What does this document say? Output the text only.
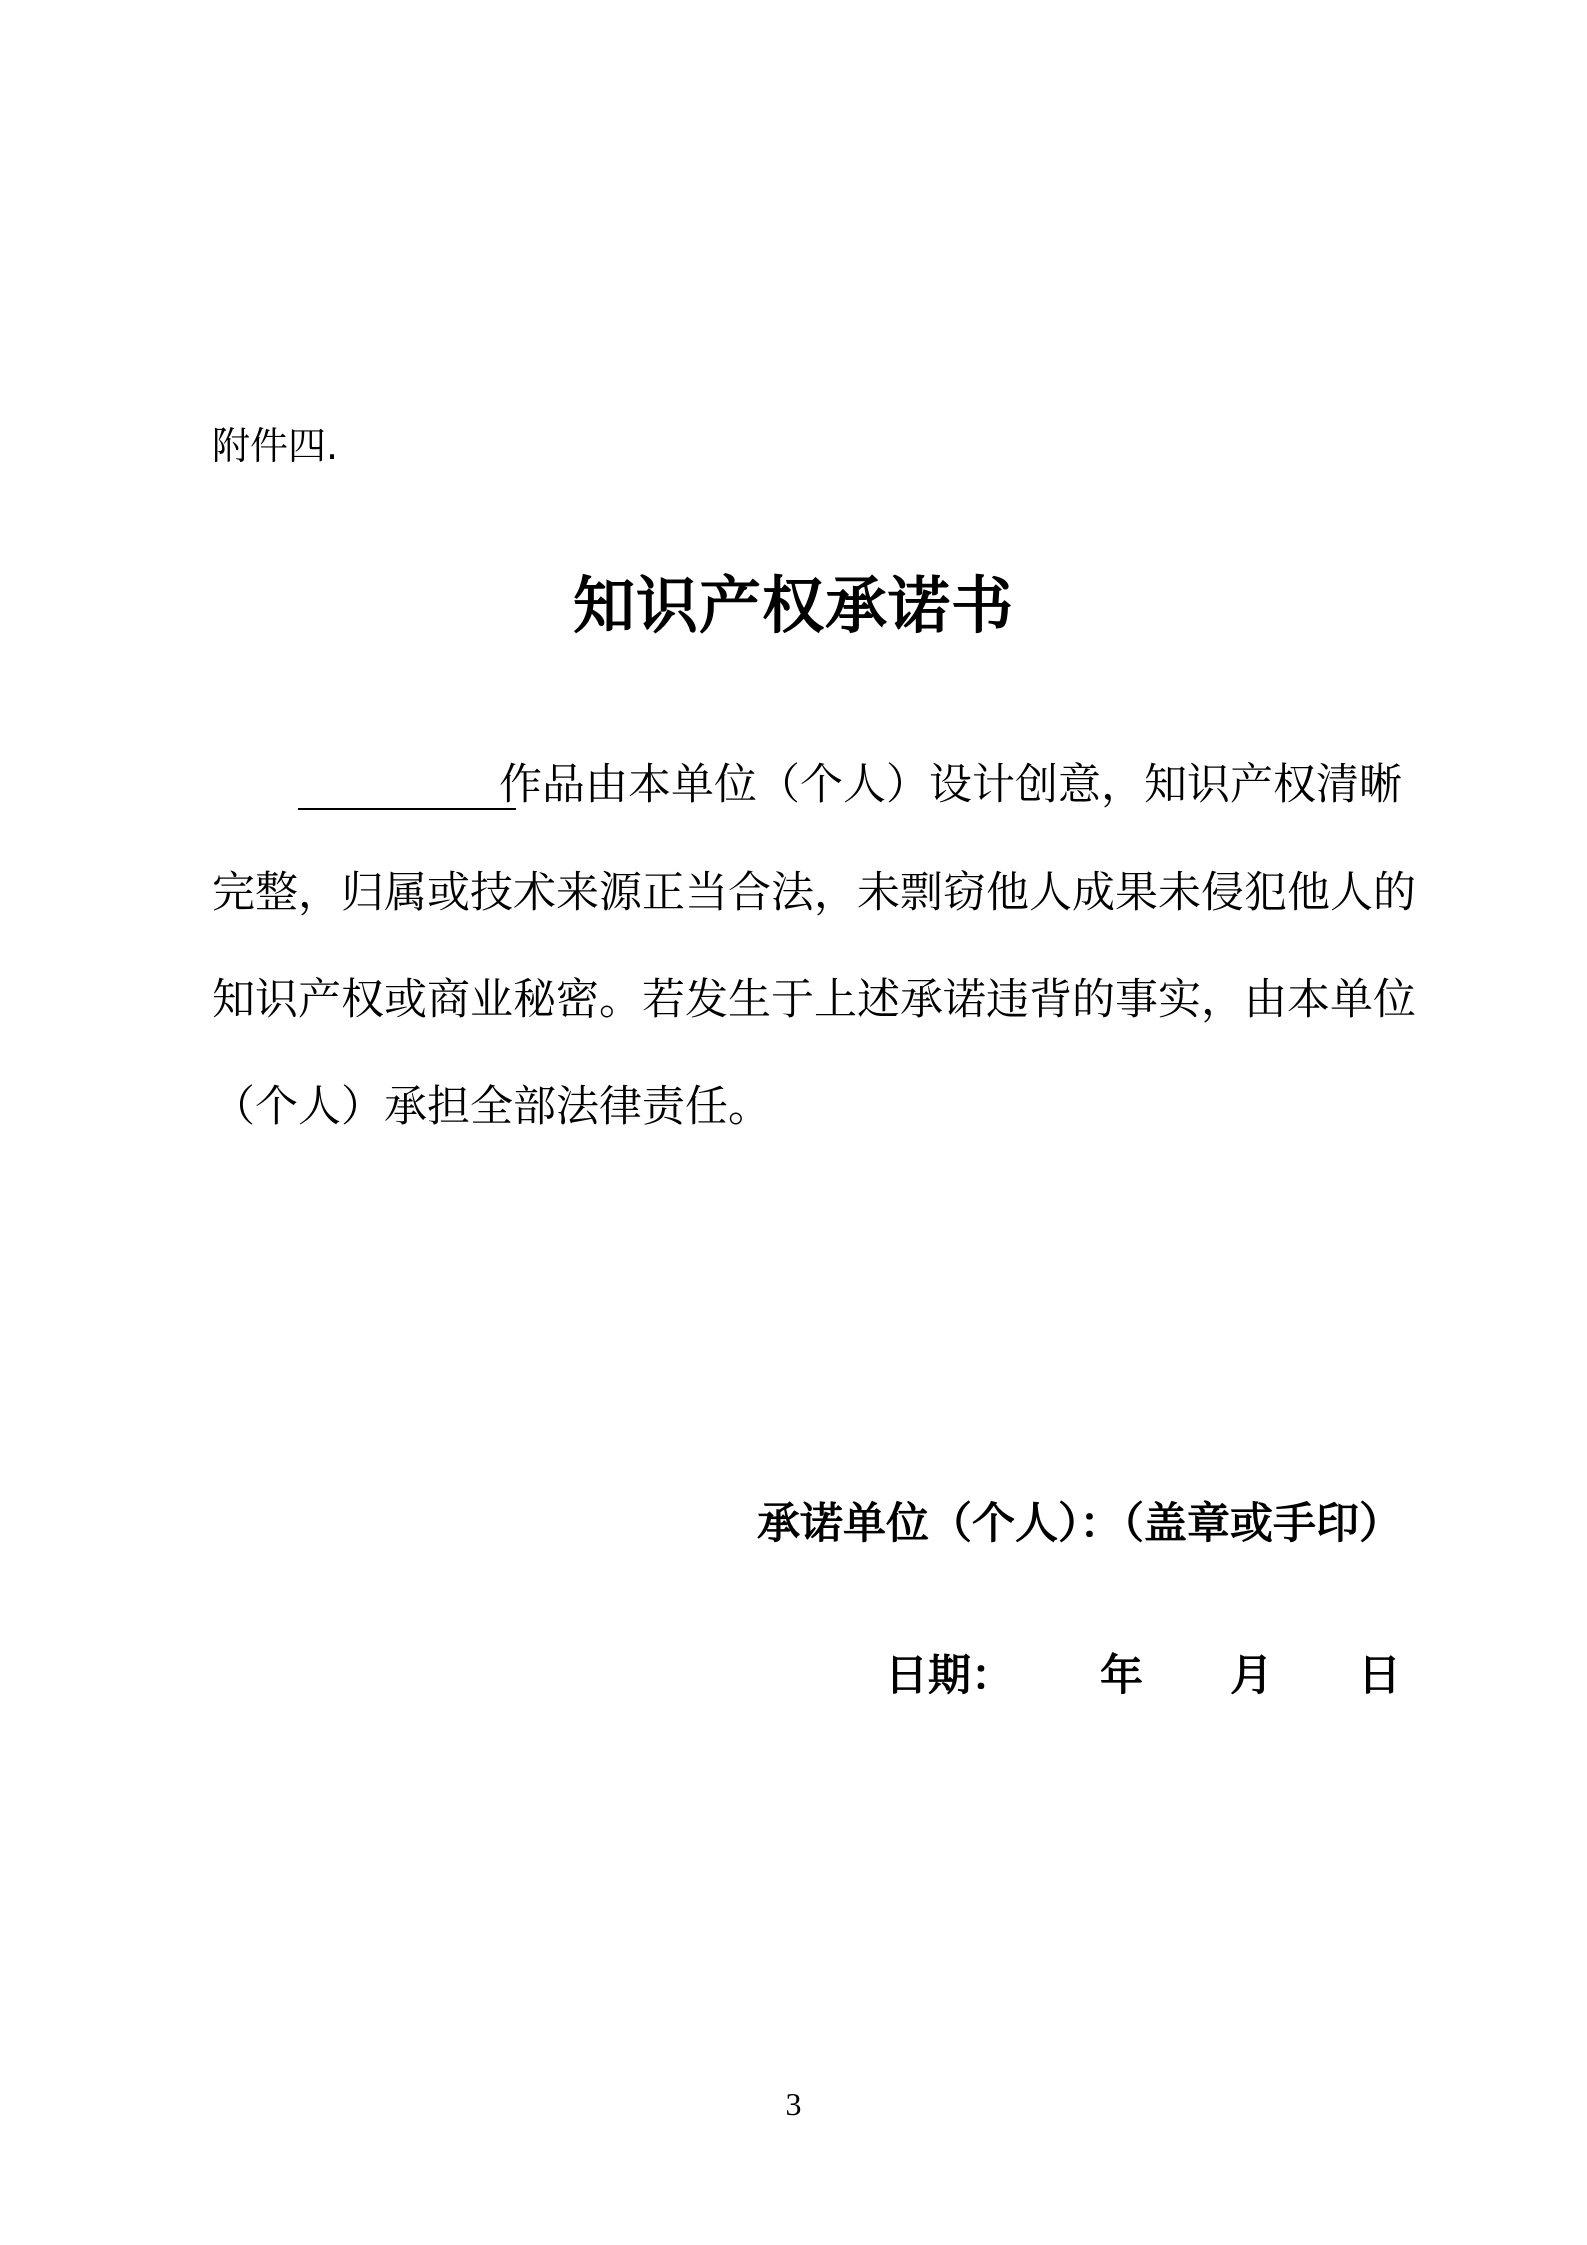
附件四.
知识产权承诺书
作品由本单位（个人）设计创意，知识产权清晰
完整，归属或技术来源正当合法，未剽窃他人成果未侵犯他人的
知识产权或商业秘密。若发生于上述承诺违背的事实，由本单位
（个人）承担全部法律责任。
承诺单位（个人）：（盖章或手印）
日期： 年 月 日
3
